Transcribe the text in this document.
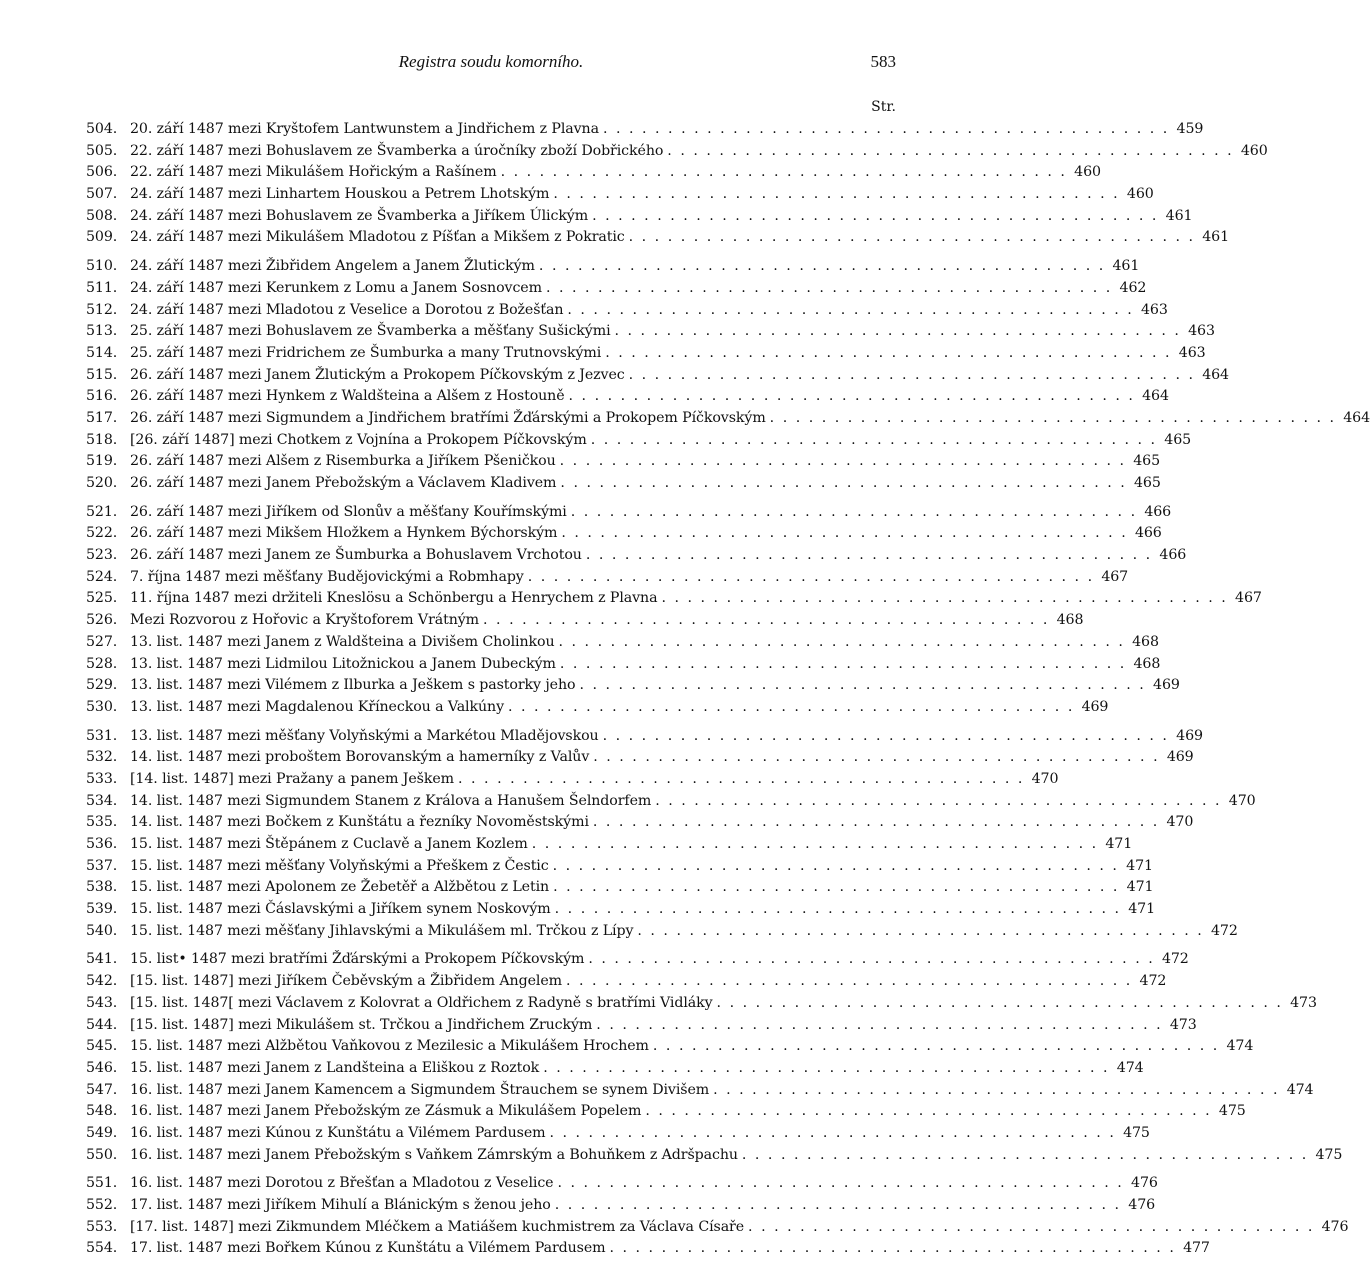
Registra soudu komorního.	583
Str.
504. 20. září 1487 mezi Kryštofem Lantwunstem a Jindřichem z Plavna . . .	459
505. 22. září 1487 mezi Bohuslavem ze Švamberka a úročníky zboží Dobřického . . .	460
506. 22. září 1487 mezi Mikulášem Hořickým a Rašínem . . .	460
507. 24. září 1487 mezi Linhartem Houskou a Petrem Lhotským . . .	460
508. 24. září 1487 mezi Bohuslavem ze Švamberka a Jiříkem Úlickým . . .	461
509. 24. září 1487 mezi Mikulášem Mladotou z Píšťan a Mikšem z Pokratic . . .	461
510. 24. září 1487 mezi Žibřidem Angelem a Janem Žlutickým . . .	461
511. 24. září 1487 mezi Kerunkem z Lomu a Janem Sosnovcem . . .	462
512. 24. září 1487 mezi Mladotou z Veselice a Dorotou z Božešťan . . .	463
513. 25. září 1487 mezi Bohuslavem ze Švamberka a měšťany Sušickými . . .	463
514. 25. září 1487 mezi Fridrichem ze Šumburka a many Trutnovskými . . .	463
515. 26. září 1487 mezi Janem Žlutickým a Prokopem Píčkovským z Jezvec . . .	464
516. 26. září 1487 mezi Hynkem z Waldšteina a Alšem z Hostouně . . .	464
517. 26. září 1487 mezi Sigmundem a Jindřichem bratřími Žďárskými a Prokopem Píčkovským . . .	464
518. [26. září 1487] mezi Chotkem z Vojnína a Prokopem Píčkovským . . .	465
519. 26. září 1487 mezi Alšem z Risemburka a Jiříkem Pšeničkou . . .	465
520. 26. září 1487 mezi Janem Přebožským a Václavem Kladivem . . .	465
521. 26. září 1487 mezi Jiříkem od Slonův a měšťany Kouřímskými . . .	466
522. 26. září 1487 mezi Mikšem Hložkem a Hynkem Býchorským . . .	466
523. 26. září 1487 mezi Janem ze Šumburka a Bohuslavem Vrchotou . . .	466
524. 7. října 1487 mezi měšťany Budějovickými a Robmhapy . . .	467
525. 11. října 1487 mezi držiteli Kneslösu a Schönbergu a Henrychem z Plavna . . .	467
526. Mezi Rozvorou z Hořovic a Kryštoforem Vrátným . . .	468
527. 13. list. 1487 mezi Janem z Waldšteina a Divišem Cholinkou . . .	468
528. 13. list. 1487 mezi Lidmilou Litožnickou a Janem Dubeckým . . .	468
529. 13. list. 1487 mezi Vilémem z Ilburka a Ješkem s pastorky jeho . . .	469
530. 13. list. 1487 mezi Magdalenou Kříneckou a Valkúny . . .	469
531. 13. list. 1487 mezi měšťany Volyňskými a Markétou Mladějovskou . . .	469
532. 14. list. 1487 mezi proboštem Borovanským a hamerníky z Valův . . .	469
533. [14. list. 1487] mezi Pražany a panem Ješkem . . .	470
534. 14. list. 1487 mezi Sigmundem Stanem z Králova a Hanušem Šelndorfem . . .	470
535. 14. list. 1487 mezi Bočkem z Kunštátu a řezníky Novoměstskými . . .	470
536. 15. list. 1487 mezi Štěpánem z Cuclavě a Janem Kozlem . . .	471
537. 15. list. 1487 mezi měšťany Volyňskými a Přeškem z Čestic . . .	471
538. 15. list. 1487 mezi Apolonem ze Žebetěř a Alžbětou z Letin . . .	471
539. 15. list. 1487 mezi Čáslavskými a Jiříkem synem Noskovým . . .	471
540. 15. list. 1487 mezi měšťany Jihlavskými a Mikulášem ml. Trčkou z Lípy . . .	472
541. 15. list• 1487 mezi bratřími Žďárskými a Prokopem Píčkovským . . .	472
542. [15. list. 1487] mezi Jiříkem Čeběvským a Žibřidem Angelem . . .	472
543. [15. list. 1487[ mezi Václavem z Kolovrat a Oldřichem z Radyně s bratřími Vidláky . . .	473
544. [15. list. 1487] mezi Mikulášem st. Trčkou a Jindřichem Zruckým . . .	473
545. 15. list. 1487 mezi Alžbětou Vaňkovou z Mezilesic a Mikulášem Hrochem . . .	474
546. 15. list. 1487 mezi Janem z Landšteina a Eliškou z Roztok . . .	474
547. 16. list. 1487 mezi Janem Kamencem a Sigmundem Štrauchem se synem Divišem . . .	474
548. 16. list. 1487 mezi Janem Přebožským ze Zásmuk a Mikulášem Popelem . . .	475
549. 16. list. 1487 mezi Kúnou z Kunštátu a Vilémem Pardusem . . .	475
550. 16. list. 1487 mezi Janem Přebožským s Vaňkem Zámrským a Bohuňkem z Adršpachu . . .	475
551. 16. list. 1487 mezi Dorotou z Břešťan a Mladotou z Veselice . . .	476
552. 17. list. 1487 mezi Jiříkem Mihulí a Blánickým s ženou jeho . . .	476
553. [17. list. 1487] mezi Zikmundem Mléčkem a Matiášem kuchmistrem za Václava Císaře . . .	476
554. 17. list. 1487 mezi Bořkem Kúnou z Kunštátu a Vilémem Pardusem . . .	477
